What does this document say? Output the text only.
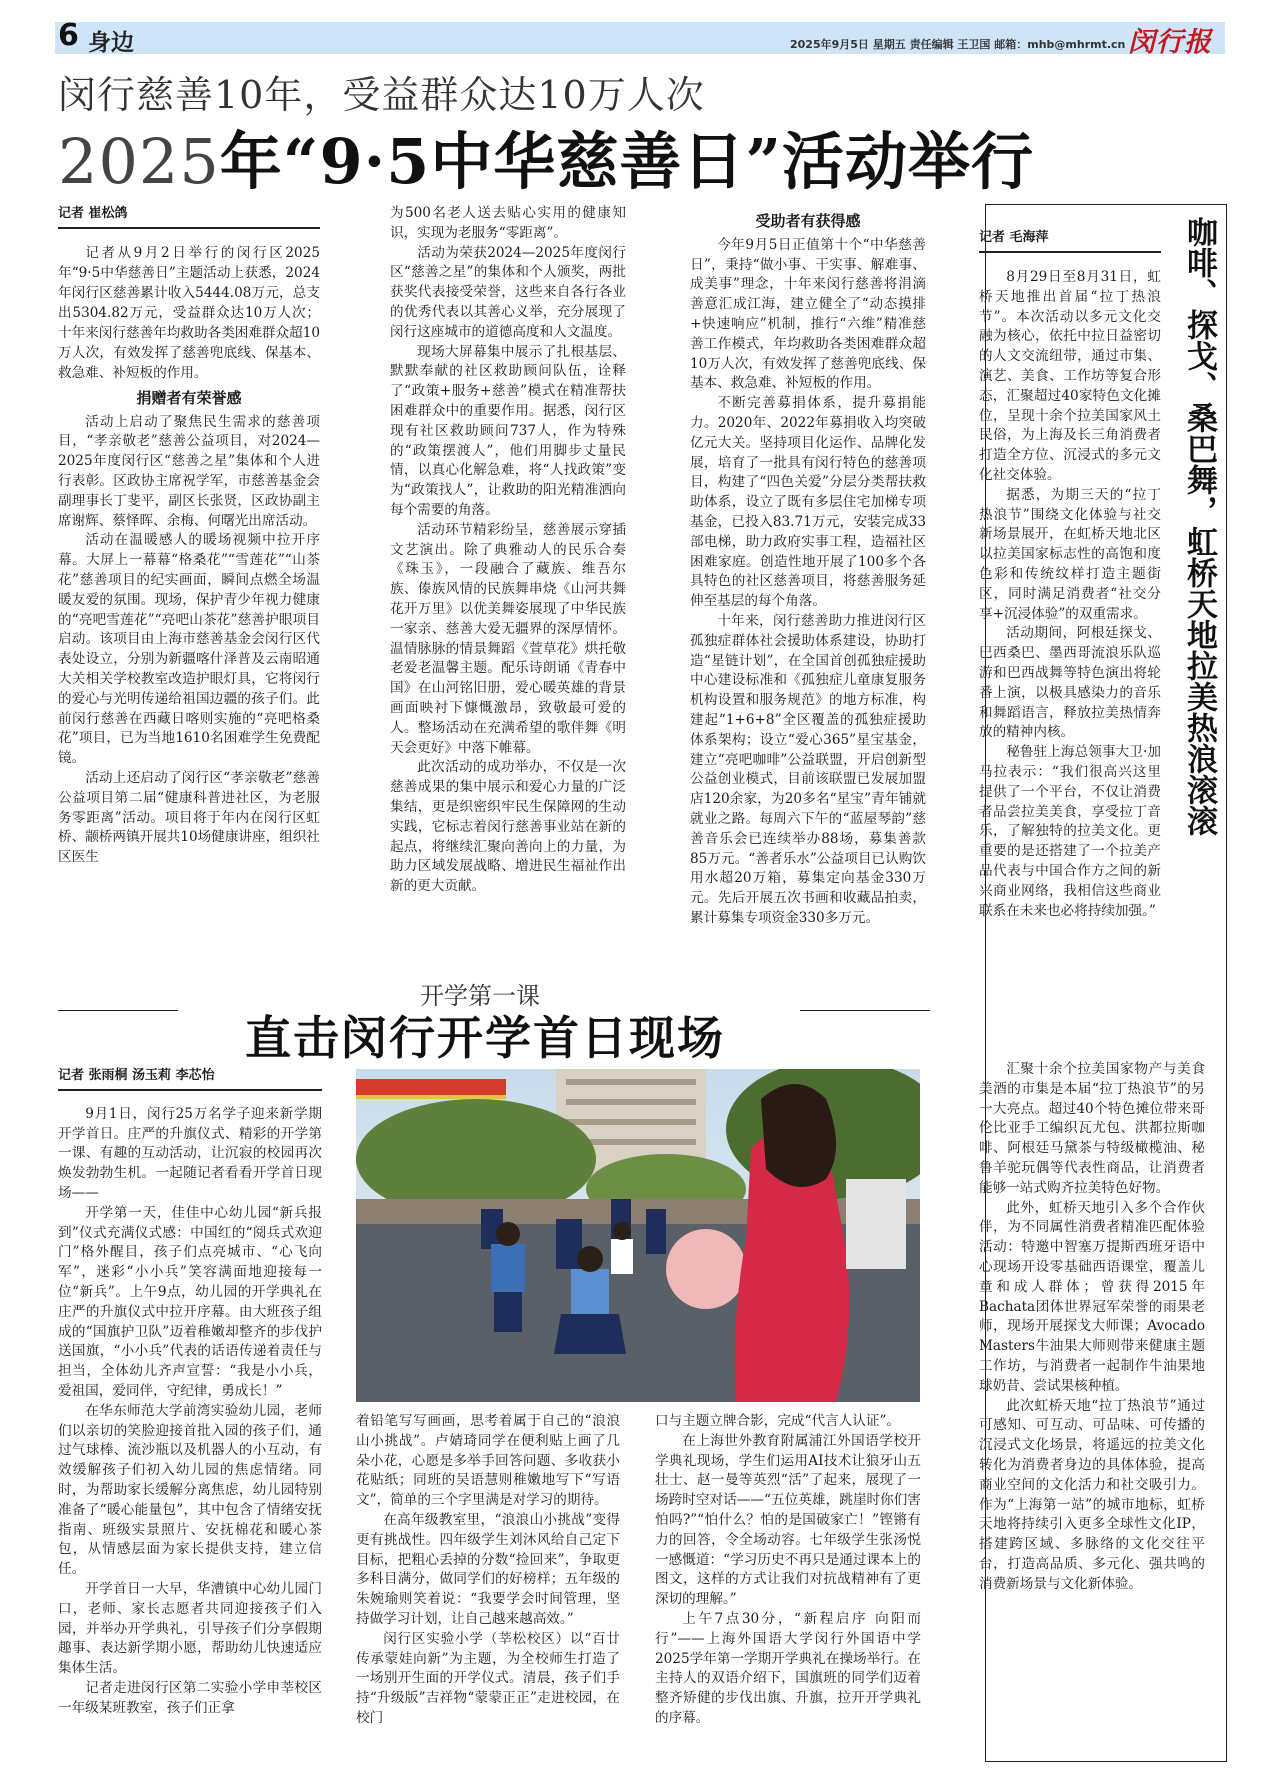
6 身边	2025年9月5日 星期五 责任编辑 王卫国 邮箱：mhb@mhrmt.cn 闵行报
闵行慈善10年，受益群众达10万人次
2025年“9·5中华慈善日”活动举行
记者 崔松鸽

记者从9月2日举行的闵行区2025年“9·5中华慈善日”主题活动上获悉，2024年闵行区慈善累计收入5444.08万元，总支出5304.82万元，受益群众达10万人次；十年来闵行慈善年均救助各类困难群众超10万人次，有效发挥了慈善兜底线、保基本、救急难、补短板的作用。

捐赠者有荣誉感

活动上启动了聚焦民生需求的慈善项目，“孝亲敬老”慈善公益项目，对2024—2025年度闵行区“慈善之星”集体和个人进行表彰。区政协主席祝学军，市慈善基金会副理事长丁斐平，副区长张贤，区政协副主席谢辉、蔡怿晖、余梅、何曙光出席活动。

活动在温暖感人的暖场视频中拉开序幕。大屏上一幕幕“格桑花”“雪莲花”“山茶花”慈善项目的纪实画面，瞬间点燃全场温暖友爱的氛围。现场，保护青少年视力健康的“亮吧雪莲花”“亮吧山茶花”慈善护眼项目启动。该项目由上海市慈善基金会闵行区代表处设立，分别为新疆喀什泽普及云南昭通大关相关学校教室改造护眼灯具，它将闵行的爱心与光明传递给祖国边疆的孩子们。此前闵行慈善在西藏日喀则实施的“亮吧格桑花”项目，已为当地1610名困难学生免费配镜。

活动上还启动了闵行区“孝亲敬老”慈善公益项目第二届“健康科普进社区，为老服务零距离”活动。项目将于年内在闵行区虹桥、颛桥两镇开展共10场健康讲座，组织社区医生

为500名老人送去贴心实用的健康知识，实现为老服务“零距离”。

活动为荣获2024—2025年度闵行区“慈善之星”的集体和个人颁奖，两批获奖代表接受荣誉，这些来自各行各业的优秀代表以其善心义举，充分展现了闵行这座城市的道德高度和人文温度。

现场大屏幕集中展示了扎根基层、默默奉献的社区救助顾问队伍，诠释了“政策+服务+慈善”模式在精准帮扶困难群众中的重要作用。据悉，闵行区现有社区救助顾问737人，作为特殊的“政策摆渡人”，他们用脚步丈量民情，以真心化解急难，将“人找政策”变为“政策找人”，让救助的阳光精准洒向每个需要的角落。

活动环节精彩纷呈，慈善展示穿插文艺演出。除了典雅动人的民乐合奏《珠玉》，一段融合了藏族、维吾尔族、傣族风情的民族舞串烧《山河共舞花开万里》以优美舞姿展现了中华民族一家亲、慈善大爱无疆界的深厚情怀。温情脉脉的情景舞蹈《萱草花》烘托敬老爱老温馨主题。配乐诗朗诵《青春中国》在山河铭旧册，爱心暖英雄的背景画面映衬下慷慨激昂，致敬最可爱的人。整场活动在充满希望的歌伴舞《明天会更好》中落下帷幕。

此次活动的成功举办，不仅是一次慈善成果的集中展示和爱心力量的广泛集结，更是织密织牢民生保障网的生动实践，它标志着闵行慈善事业站在新的起点，将继续汇聚向善向上的力量，为助力区域发展战略、增进民生福祉作出新的更大贡献。

受助者有获得感

今年9月5日正值第十个“中华慈善日”，秉持“做小事、干实事、解难事、成美事”理念，十年来闵行慈善将涓滴善意汇成江海，建立健全了“动态摸排+快速响应”机制，推行“六维”精准慈善工作模式，年均救助各类困难群众超10万人次，有效发挥了慈善兜底线、保基本、救急难、补短板的作用。

不断完善募捐体系，提升募捐能力。2020年、2022年募捐收入均突破亿元大关。坚持项目化运作、品牌化发展，培育了一批具有闵行特色的慈善项目，构建了“四色关爱”分层分类帮扶救助体系，设立了既有多层住宅加梯专项基金，已投入83.71万元，安装完成33部电梯，助力政府实事工程，造福社区困难家庭。创造性地开展了100多个各具特色的社区慈善项目，将慈善服务延伸至基层的每个角落。

十年来，闵行慈善助力推进闵行区孤独症群体社会援助体系建设，协助打造“星链计划”，在全国首创孤独症援助中心建设标准和《孤独症儿童康复服务机构设置和服务规范》的地方标准，构建起“1+6+8”全区覆盖的孤独症援助体系架构；设立“爱心365”星宝基金，建立“亮吧咖啡”公益联盟，开启创新型公益创业模式，目前该联盟已发展加盟店120余家，为20多名“星宝”青年铺就就业之路。每周六下午的“蓝屋琴韵”慈善音乐会已连续举办88场，募集善款85万元。“善者乐水”公益项目已认购饮用水超20万箱，募集定向基金330万元。先后开展五次书画和收藏品拍卖，累计募集专项资金330多万元。

咖啡、探戈、桑巴舞，虹桥天地拉美热浪滚滚
记者 毛海萍

8月29日至8月31日，虹桥天地推出首届“拉丁热浪节”。本次活动以多元文化交融为核心，依托中拉日益密切的人文交流纽带，通过市集、演艺、美食、工作坊等复合形态，汇聚超过40家特色文化摊位，呈现十余个拉美国家风土民俗，为上海及长三角消费者打造全方位、沉浸式的多元文化社交体验。

据悉，为期三天的“拉丁热浪节”围绕文化体验与社交新场景展开，在虹桥天地北区以拉美国家标志性的高饱和度色彩和传统纹样打造主题街区，同时满足消费者“社交分享+沉浸体验”的双重需求。

活动期间，阿根廷探戈、巴西桑巴、墨西哥流浪乐队巡游和巴西战舞等特色演出将轮番上演，以极具感染力的音乐和舞蹈语言，释放拉美热情奔放的精神内核。

秘鲁驻上海总领事大卫·加马拉表示：“我们很高兴这里提供了一个平台，不仅让消费者品尝拉美美食，享受拉丁音乐，了解独特的拉美文化。更重要的是还搭建了一个拉美产品代表与中国合作方之间的新兴商业网络，我相信这些商业联系在未来也必将持续加强。”

汇聚十余个拉美国家物产与美食美酒的市集是本届“拉丁热浪节”的另一大亮点。超过40个特色摊位带来哥伦比亚手工编织瓦尤包、洪都拉斯咖啡、阿根廷马黛茶与特级橄榄油、秘鲁羊驼玩偶等代表性商品，让消费者能够一站式购齐拉美特色好物。

此外，虹桥天地引入多个合作伙伴，为不同属性消费者精准匹配体验活动：特邀中智塞万提斯西班牙语中心现场开设零基础西语课堂，覆盖儿童和成人群体；曾获得2015年Bachata团体世界冠军荣誉的雨果老师，现场开展探戈大师课；Avocado Masters牛油果大师则带来健康主题工作坊，与消费者一起制作牛油果地球奶昔、尝试果核种植。

此次虹桥天地“拉丁热浪节”通过可感知、可互动、可品味、可传播的沉浸式文化场景，将遥远的拉美文化转化为消费者身边的具体体验，提高商业空间的文化活力和社交吸引力。作为“上海第一站”的城市地标，虹桥天地将持续引入更多全球性文化IP，搭建跨区域、多脉络的文化交往平台，打造高品质、多元化、强共鸣的消费新场景与文化新体验。

开学第一课
直击闵行开学首日现场
记者 张雨桐 汤玉莉 李芯怡

9月1日，闵行25万名学子迎来新学期开学首日。庄严的升旗仪式、精彩的开学第一课、有趣的互动活动，让沉寂的校园再次焕发勃勃生机。一起随记者看看开学首日现场——

开学第一天，佳佳中心幼儿园“新兵报到”仪式充满仪式感：中国红的“阅兵式欢迎门”格外醒目，孩子们点亮城市、“心飞向军”，迷彩“小小兵”笑容满面地迎接每一位“新兵”。上午9点，幼儿园的开学典礼在庄严的升旗仪式中拉开序幕。由大班孩子组成的“国旗护卫队”迈着稚嫩却整齐的步伐护送国旗，“小小兵”代表的话语传递着责任与担当，全体幼儿齐声宣誓：“我是小小兵，爱祖国，爱同伴，守纪律，勇成长！”

在华东师范大学前湾实验幼儿园，老师们以亲切的笑脸迎接首批入园的孩子们，通过气球棒、流沙瓶以及机器人的小互动，有效缓解孩子们初入幼儿园的焦虑情绪。同时，为帮助家长缓解分离焦虑，幼儿园特别准备了“暖心能量包”，其中包含了情绪安抚指南、班级实景照片、安抚棉花和暖心茶包，从情感层面为家长提供支持，建立信任。

开学首日一大早，华漕镇中心幼儿园门口，老师、家长志愿者共同迎接孩子们入园，并举办开学典礼，引导孩子们分享假期趣事、表达新学期小愿，帮助幼儿快速适应集体生活。

记者走进闵行区第二实验小学申莘校区一年级某班教室，孩子们正拿

着铅笔写写画画，思考着属于自己的“浪浪山小挑战”。卢婧琦同学在便利贴上画了几朵小花，心愿是多举手回答问题、多收获小花贴纸；同班的吴语慧则稚嫩地写下“写语文”，简单的三个字里满是对学习的期待。

在高年级教室里，“浪浪山小挑战”变得更有挑战性。四年级学生刘沐风给自己定下目标，把粗心丢掉的分数“捡回来”，争取更多科目满分，做同学们的好榜样；五年级的朱婉瑜则笑着说：“我要学会时间管理，坚持做学习计划，让自己越来越高效。”

闵行区实验小学（莘松校区）以“百廿传承蒙娃向新”为主题，为全校师生打造了一场别开生面的开学仪式。清晨，孩子们手持“升级版”吉祥物“蒙蒙正正”走进校园，在校门

口与主题立牌合影，完成“代言人认证”。

在上海世外教育附属浦江外国语学校开学典礼现场，学生们运用AI技术让狼牙山五壮士、赵一曼等英烈“活”了起来，展现了一场跨时空对话——“五位英雄，跳崖时你们害怕吗?”“怕什么？怕的是国破家亡！”铿锵有力的回答，令全场动容。七年级学生张汤悦一感慨道：“学习历史不再只是通过课本上的图文，这样的方式让我们对抗战精神有了更深切的理解。”

上午7点30分，“新程启序 向阳而行”——上海外国语大学闵行外国语中学2025学年第一学期开学典礼在操场举行。在主持人的双语介绍下，国旗班的同学们迈着整齐矫健的步伐出旗、升旗，拉开开学典礼的序幕。
